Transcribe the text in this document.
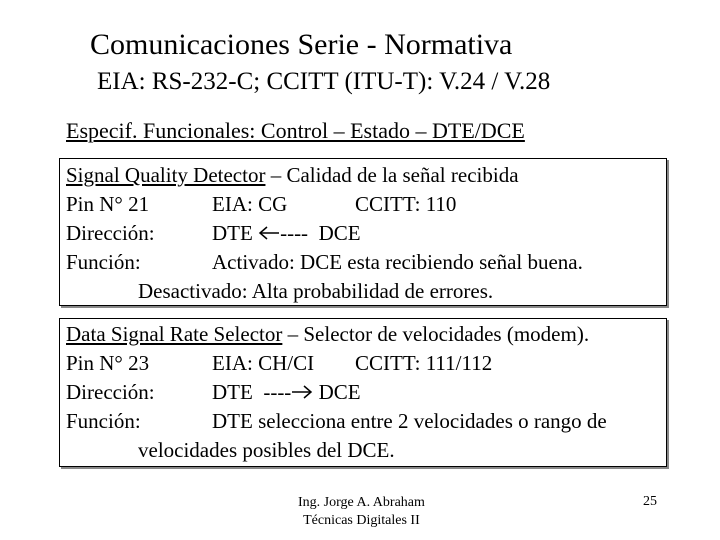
Comunicaciones Serie - Normativa
EIA: RS-232-C; CCITT (ITU-T): V.24 / V.28
Especif. Funcionales: Control – Estado – DTE/DCE
Signal Quality Detector – Calidad de la señal recibida
Pin N° 21	EIA: CG	CCITT: 110
Dirección:	DTE ---- DCE
Función:	Activado: DCE esta recibiendo señal buena.
Desactivado: Alta probabilidad de errores.
Data Signal Rate Selector – Selector de velocidades (modem).
Pin N° 23	EIA: CH/CI CCITT: 111/112
Dirección:	DTE ---- DCE
Función:	DTE selecciona entre 2 velocidades o rango de
velocidades posibles del DCE.
Ing. Jorge A. Abraham
Técnicas Digitales II
25
